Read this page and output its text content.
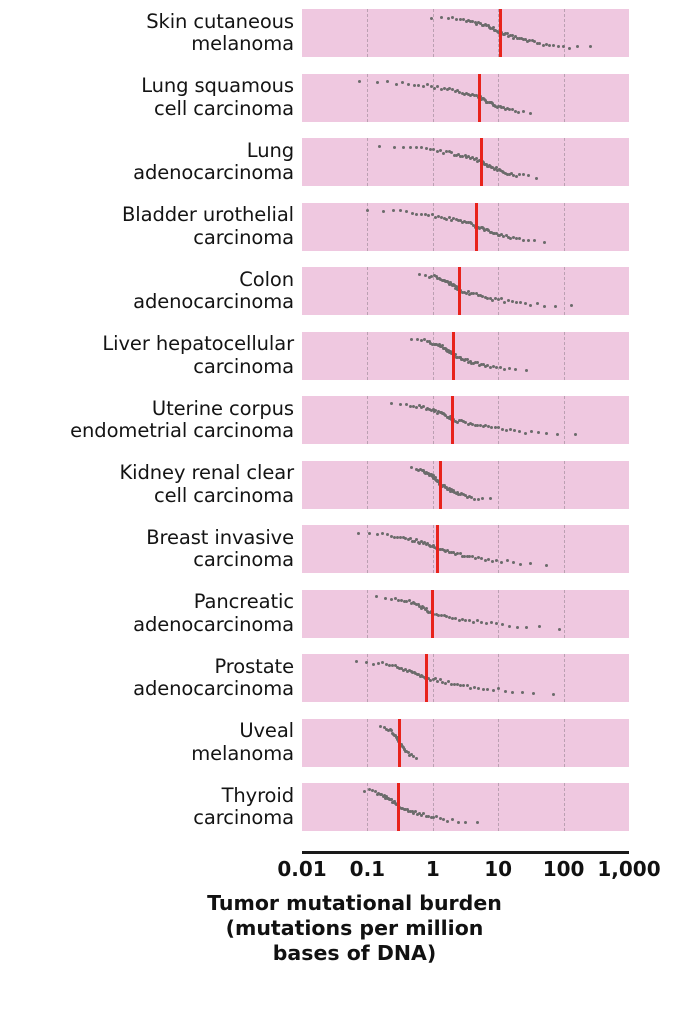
Skin cutaneous
melanoma
Lung squamous
cell carcinoma
Lung
adenocarcinoma
Bladder urothelial
carcinoma
Colon
adenocarcinoma
Liver hepatocellular
carcinoma
Uterine corpus
endometrial carcinoma
Kidney renal clear
cell carcinoma
Breast invasive
carcinoma
Pancreatic
adenocarcinoma
Prostate
adenocarcinoma
Uveal
melanoma
Thyroid
carcinoma
0.01 0.1 1 10 100 1,000
Tumor mutational burden
(mutations per million
bases of DNA)
